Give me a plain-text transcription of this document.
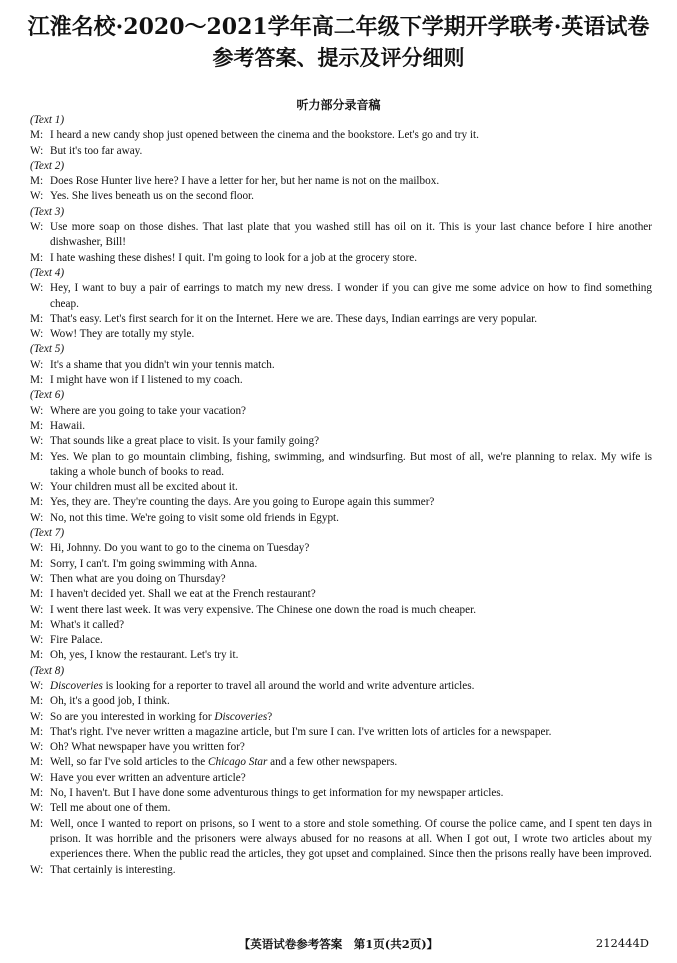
江淮名校·2020～2021学年高二年级下学期开学联考·英语试卷
参考答案、提示及评分细则
听力部分录音稿
(Text 1)
M: I heard a new candy shop just opened between the cinema and the bookstore. Let's go and try it.
W: But it's too far away.
(Text 2)
M: Does Rose Hunter live here? I have a letter for her, but her name is not on the mailbox.
W: Yes. She lives beneath us on the second floor.
(Text 3)
W: Use more soap on those dishes. That last plate that you washed still has oil on it. This is your last chance before I hire another dishwasher, Bill!
M: I hate washing these dishes! I quit. I'm going to look for a job at the grocery store.
(Text 4)
W: Hey, I want to buy a pair of earrings to match my new dress. I wonder if you can give me some advice on how to find something cheap.
M: That's easy. Let's first search for it on the Internet. Here we are. These days, Indian earrings are very popular.
W: Wow! They are totally my style.
(Text 5)
W: It's a shame that you didn't win your tennis match.
M: I might have won if I listened to my coach.
(Text 6)
W: Where are you going to take your vacation?
M: Hawaii.
W: That sounds like a great place to visit. Is your family going?
M: Yes. We plan to go mountain climbing, fishing, swimming, and windsurfing. But most of all, we're planning to relax. My wife is taking a whole bunch of books to read.
W: Your children must all be excited about it.
M: Yes, they are. They're counting the days. Are you going to Europe again this summer?
W: No, not this time. We're going to visit some old friends in Egypt.
(Text 7)
W: Hi, Johnny. Do you want to go to the cinema on Tuesday?
M: Sorry, I can't. I'm going swimming with Anna.
W: Then what are you doing on Thursday?
M: I haven't decided yet. Shall we eat at the French restaurant?
W: I went there last week. It was very expensive. The Chinese one down the road is much cheaper.
M: What's it called?
W: Fire Palace.
M: Oh, yes, I know the restaurant. Let's try it.
(Text 8)
W: Discoveries is looking for a reporter to travel all around the world and write adventure articles.
M: Oh, it's a good job, I think.
W: So are you interested in working for Discoveries?
M: That's right. I've never written a magazine article, but I'm sure I can. I've written lots of articles for a newspaper.
W: Oh? What newspaper have you written for?
M: Well, so far I've sold articles to the Chicago Star and a few other newspapers.
W: Have you ever written an adventure article?
M: No, I haven't. But I have done some adventurous things to get information for my newspaper articles.
W: Tell me about one of them.
M: Well, once I wanted to report on prisons, so I went to a store and stole something. Of course the police came, and I spent ten days in prison. It was horrible and the prisoners were always abused for no reasons at all. When I got out, I wrote two articles about my experiences there. When the public read the articles, they got upset and complained. Since then the prisons really have been improved.
W: That certainly is interesting.
【英语试卷参考答案　第1页(共2页)】	212444D
